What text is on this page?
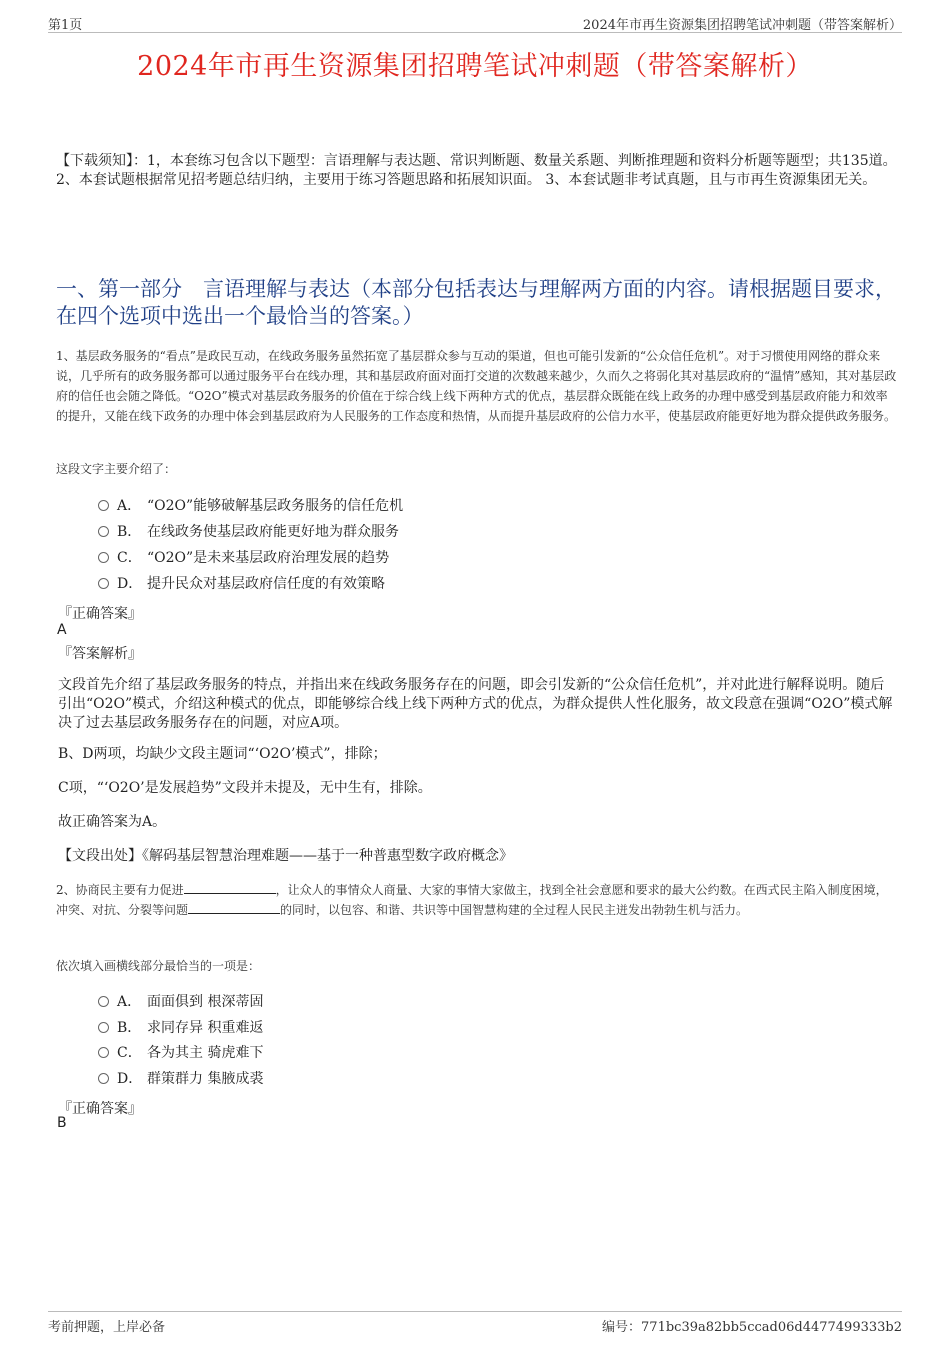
第1页	2024年市再生资源集团招聘笔试冲刺题（带答案解析）
2024年市再生资源集团招聘笔试冲刺题（带答案解析）
【下载须知】：1，本套练习包含以下题型：言语理解与表达题、常识判断题、数量关系题、判断推理题和资料分析题等题型；共135道。 2、本套试题根据常见招考题总结归纳，主要用于练习答题思路和拓展知识面。 3、本套试题非考试真题，且与市再生资源集团无关。
一、第一部分　言语理解与表达（本部分包括表达与理解两方面的内容。请根据题目要求，在四个选项中选出一个最恰当的答案。）
1、基层政务服务的“看点”是政民互动，在线政务服务虽然拓宽了基层群众参与互动的渠道，但也可能引发新的“公众信任危机”。对于习惯使用网络的群众来说，几乎所有的政务服务都可以通过服务平台在线办理，其和基层政府面对面打交道的次数越来越少，久而久之将弱化其对基层政府的“温情”感知，其对基层政府的信任也会随之降低。“O2O”模式对基层政务服务的价值在于综合线上线下两种方式的优点，基层群众既能在线上政务的办理中感受到基层政府能力和效率的提升，又能在线下政务的办理中体会到基层政府为人民服务的工作态度和热情，从而提升基层政府的公信力水平，使基层政府能更好地为群众提供政务服务。
这段文字主要介绍了：
A． “O2O”能够破解基层政务服务的信任危机
B． 在线政务使基层政府能更好地为群众服务
C． “O2O”是未来基层政府治理发展的趋势
D． 提升民众对基层政府信任度的有效策略
『正确答案』
A
『答案解析』
文段首先介绍了基层政务服务的特点，并指出来在线政务服务存在的问题，即会引发新的“公众信任危机”，并对此进行解释说明。随后引出“O2O”模式，介绍这种模式的优点，即能够综合线上线下两种方式的优点，为群众提供人性化服务，故文段意在强调“O2O”模式解决了过去基层政务服务存在的问题，对应A项。
B、D两项，均缺少文段主题词“‘O2O’模式”，排除；
C项，“‘O2O’是发展趋势”文段并未提及，无中生有，排除。
故正确答案为A。
【文段出处】《解码基层智慧治理难题——基于一种普惠型数字政府概念》
2、协商民主要有力促进	，让众人的事情众人商量、大家的事情大家做主，找到全社会意愿和要求的最大公约数。在西式民主陷入制度困境，冲突、对抗、分裂等问题	的同时，以包容、和谐、共识等中国智慧构建的全过程人民民主迸发出勃勃生机与活力。
依次填入画横线部分最恰当的一项是：
A． 面面俱到 根深蒂固
B． 求同存异 积重难返
C． 各为其主 骑虎难下
D． 群策群力 集腋成裘
『正确答案』
B
考前押题，上岸必备	编号：771bc39a82bb5ccad06d4477499333b2
